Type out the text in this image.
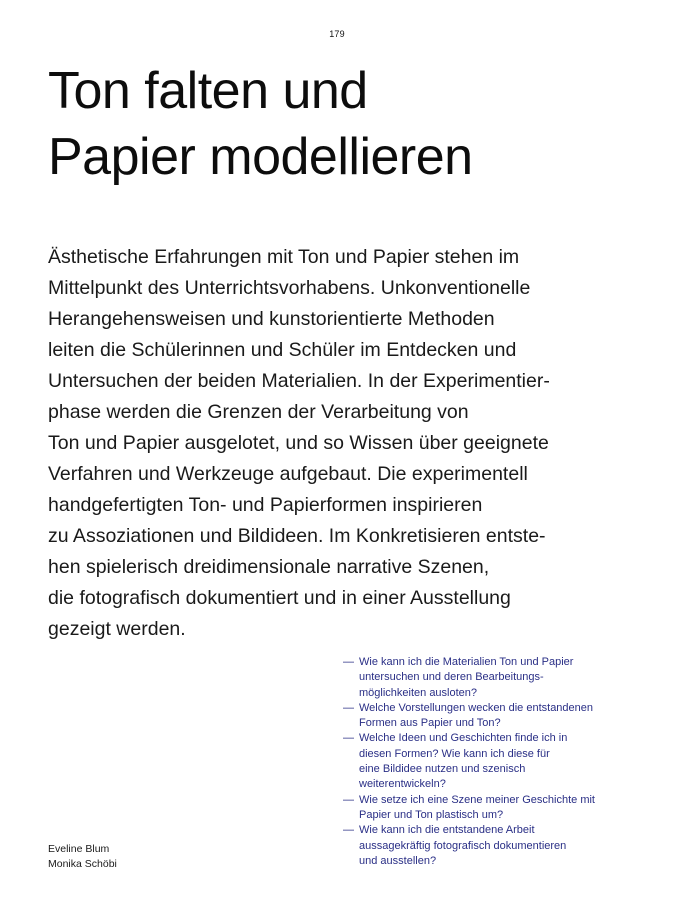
179
Ton falten und
Papier modellieren

Ästhetische Erfahrungen mit Ton und Papier stehen im
Mittelpunkt des Unterrichtsvorhabens. Unkonventionelle
Herangehensweisen und kunstorientierte Methoden
leiten die Schülerinnen und Schüler im Entdecken und
Untersuchen der beiden Materialien. In der Experimentier-
phase werden die Grenzen der Verarbeitung von
Ton und Papier ausgelotet, und so Wissen über geeignete
Verfahren und Werkzeuge aufgebaut. Die experimentell
handgefertigten Ton- und Papierformen inspirieren
zu Assoziationen und Bildideen. Im Konkretisieren entste-
hen spielerisch dreidimensionale narrative Szenen,
die fotografisch dokumentiert und in einer Ausstellung
gezeigt werden.

— Wie kann ich die Materialien Ton und Papier
untersuchen und deren Bearbeitungs-
möglichkeiten ausloten?
— Welche Vorstellungen wecken die entstandenen
Formen aus Papier und Ton?
— Welche Ideen und Geschichten finde ich in
diesen Formen? Wie kann ich diese für
eine Bildidee nutzen und szenisch
weiterentwickeln?
— Wie setze ich eine Szene meiner Geschichte mit
Papier und Ton plastisch um?
— Wie kann ich die entstandene Arbeit
aussagekräftig fotografisch dokumentieren
und ausstellen?
Eveline Blum
Monika Schöbi
